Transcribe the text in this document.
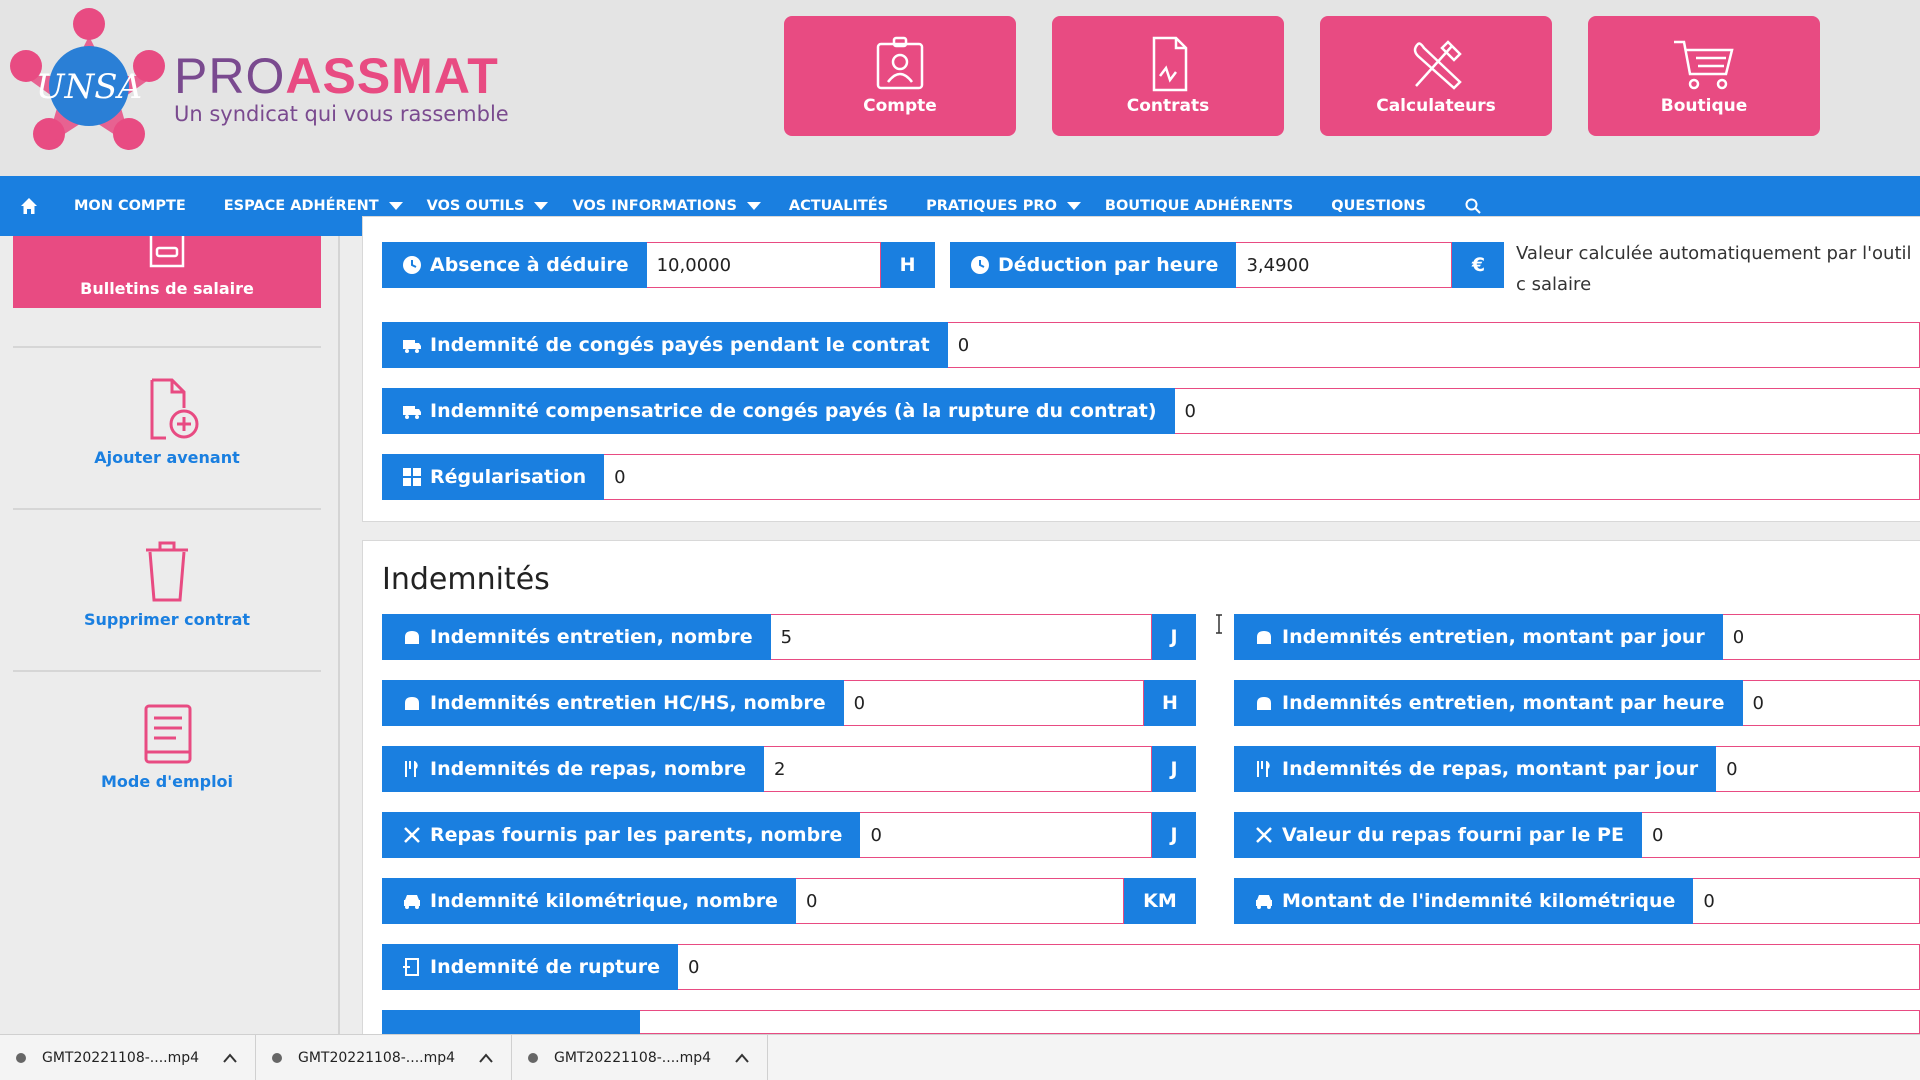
UNSA PROASSMAT
Un syndicat qui vous rassemble	Compte	Contrats	Calculateurs	Boutique
MON COMPTE	ESPACE ADHÉRENT	VOS OUTILS	VOS INFORMATIONS	ACTUALITÉS	PRATIQUES PRO	BOUTIQUE ADHÉRENTS	QUESTIONS
Bulletins de salaire
Ajouter avenant
Supprimer contrat
Mode d'emploi
Absence à déduire	10,0000	H	Déduction par heure	3,4900	€
Valeur calculée automatiquement par l'outil c salaire
Indemnité de congés payés pendant le contrat	0
Indemnité compensatrice de congés payés (à la rupture du contrat)	0
Régularisation	0
Indemnités
Indemnités entretien, nombre	5	J
Indemnités entretien HC/HS, nombre	0	H
Indemnités de repas, nombre	2	J
Repas fournis par les parents, nombre	0	J
Indemnité kilométrique, nombre	0	KM
Indemnité de rupture	0
Indemnités entretien, montant par jour	0
Indemnités entretien, montant par heure	0
Indemnités de repas, montant par jour	0
Valeur du repas fourni par le PE	0
Montant de l'indemnité kilométrique	0
GMT20221108-....mp4	GMT20221108-....mp4	GMT20221108-....mp4
